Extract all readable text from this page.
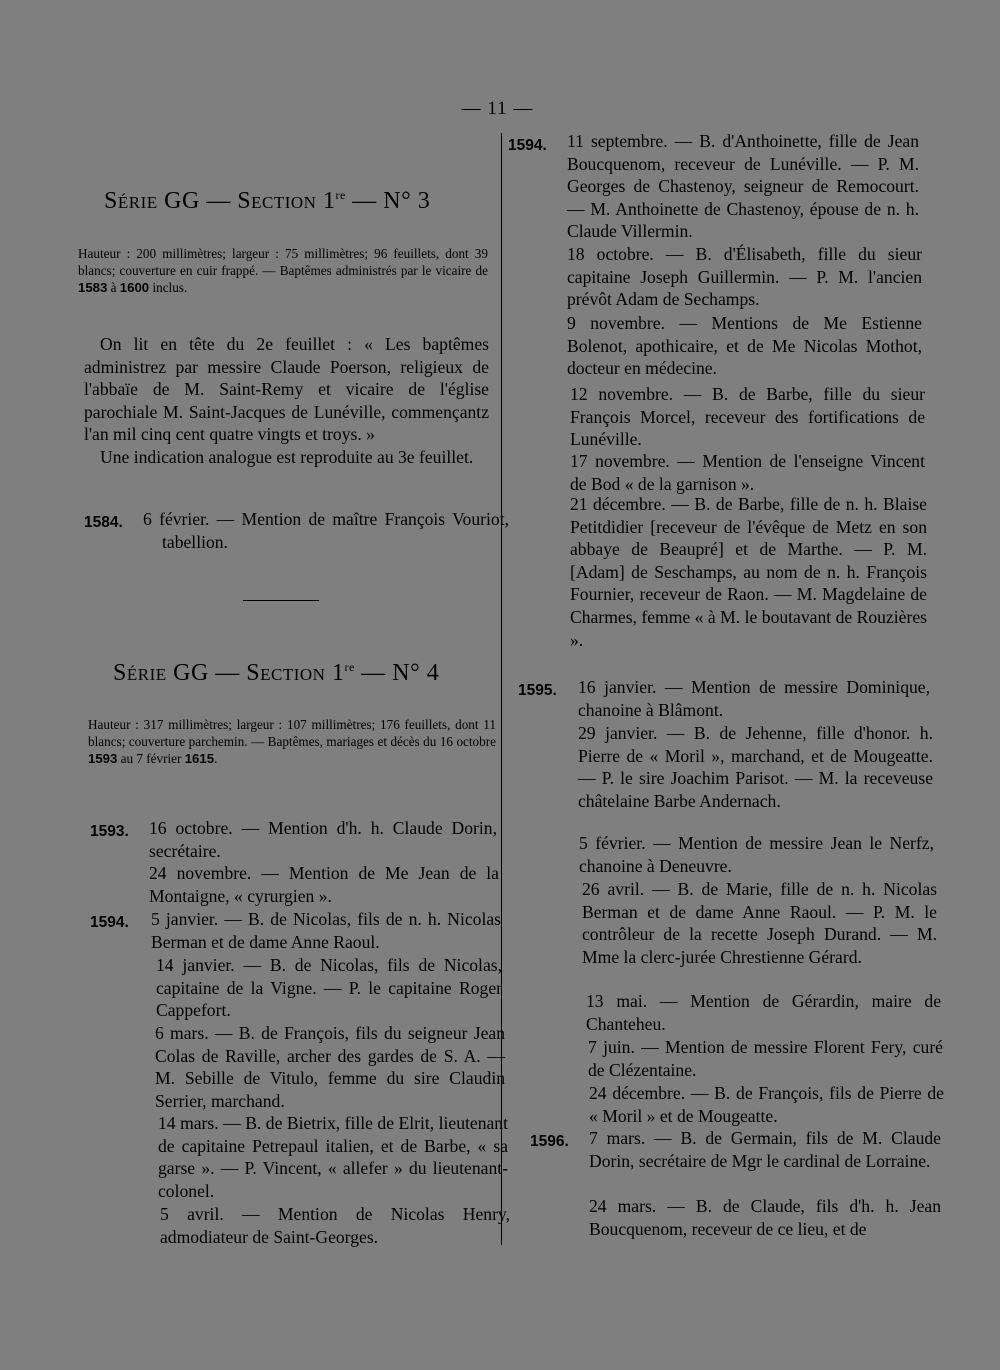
— 11 —
Série GG — Section 1re — N° 3
Hauteur : 200 millimètres; largeur : 75 millimètres; 96 feuillets, dont 39 blancs; couverture en cuir frappé. — Baptêmes administrés par le vicaire de 1583 à 1600 inclus.
On lit en tête du 2e feuillet : « Les baptêmes administrez par messire Claude Poerson, religieux de l'abbaïe de M. Saint-Remy et vicaire de l'église parochiale M. Saint-Jacques de Lunéville, commençantz l'an mil cinq cent quatre vingts et troys. »
Une indication analogue est reproduite au 3e feuillet.
1584. 6 février. — Mention de maître François Vouriot, tabellion.
Série GG — Section 1re — N° 4
Hauteur : 317 millimètres; largeur : 107 millimètres; 176 feuillets, dont 11 blancs; couverture parchemin. — Baptêmes, mariages et décès du 16 octobre 1593 au 7 février 1615.
1593. 16 octobre. — Mention d'h. h. Claude Dorin, secrétaire.
24 novembre. — Mention de Me Jean de la Montaigne, « cyrurgien ».
1594. 5 janvier. — B. de Nicolas, fils de n. h. Nicolas Berman et de dame Anne Raoul.
14 janvier. — B. de Nicolas, fils de Nicolas, capitaine de la Vigne. — P. le capitaine Roger Cappefort.
6 mars. — B. de François, fils du seigneur Jean Colas de Raville, archer des gardes de S. A. — M. Sebille de Vitulo, femme du sire Claudin Serrier, marchand.
14 mars. — B. de Bietrix, fille de Elrit, lieutenant de capitaine Petrepaul italien, et de Barbe, « sa garse ». — P. Vincent, « allefer » du lieutenant-colonel.
5 avril. — Mention de Nicolas Henry, admodiateur de Saint-Georges.
1594. 11 septembre. — B. d'Anthoinette, fille de Jean Boucquenom, receveur de Lunéville. — P. M. Georges de Chastenoy, seigneur de Remocourt. — M. Anthoinette de Chastenoy, épouse de n. h. Claude Villermin.
18 octobre. — B. d'Élisabeth, fille du sieur capitaine Joseph Guillermin. — P. M. l'ancien prévôt Adam de Sechamps.
9 novembre. — Mentions de Me Estienne Bolenot, apothicaire, et de Me Nicolas Mothot, docteur en médecine.
12 novembre. — B. de Barbe, fille du sieur François Morcel, receveur des fortifications de Lunéville.
17 novembre. — Mention de l'enseigne Vincent de Bod « de la garnison ».
21 décembre. — B. de Barbe, fille de n. h. Blaise Petitdidier [receveur de l'évêque de Metz en son abbaye de Beaupré] et de Marthe. — P. M. [Adam] de Seschamps, au nom de n. h. François Fournier, receveur de Raon. — M. Magdelaine de Charmes, femme « à M. le boutavant de Rouzières ».
1595. 16 janvier. — Mention de messire Dominique, chanoine à Blâmont.
29 janvier. — B. de Jehenne, fille d'honor. h. Pierre de « Moril », marchand, et de Mougeatte. — P. le sire Joachim Parisot. — M. la receveuse châtelaine Barbe Andernach.
5 février. — Mention de messire Jean le Nerfz, chanoine à Deneuvre.
26 avril. — B. de Marie, fille de n. h. Nicolas Berman et de dame Anne Raoul. — P. M. le contrôleur de la recette Joseph Durand. — M. Mme la clerc-jurée Chrestienne Gérard.
13 mai. — Mention de Gérardin, maire de Chanteheu.
7 juin. — Mention de messire Florent Fery, curé de Clézentaine.
24 décembre. — B. de François, fils de Pierre de « Moril » et de Mougeatte.
1596. 7 mars. — B. de Germain, fils de M. Claude Dorin, secrétaire de Mgr le cardinal de Lorraine.
24 mars. — B. de Claude, fils d'h. h. Jean Boucquenom, receveur de ce lieu, et de
